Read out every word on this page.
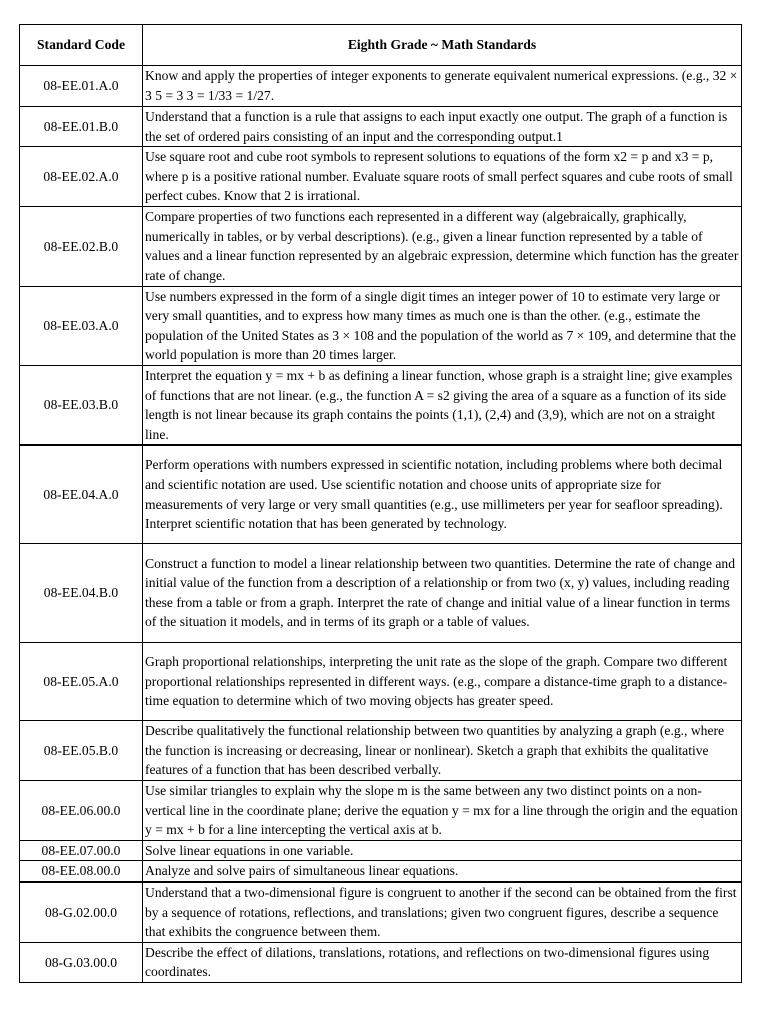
Standard Code	Eighth Grade ~ Math Standards
08-EE.01.A.0	Know and apply the properties of integer exponents to generate equivalent numerical expressions. (e.g., 32 × 3 5 = 3 3 = 1/33 = 1/27.
08-EE.01.B.0	Understand that a function is a rule that assigns to each input exactly one output. The graph of a function is the set of ordered pairs consisting of an input and the corresponding output.1
08-EE.02.A.0	Use square root and cube root symbols to represent solutions to equations of the form x2 = p and x3 = p, where p is a positive rational number. Evaluate square roots of small perfect squares and cube roots of small perfect cubes. Know that 2 is irrational.
08-EE.02.B.0	Compare properties of two functions each represented in a different way (algebraically, graphically, numerically in tables, or by verbal descriptions). (e.g., given a linear function represented by a table of values and a linear function represented by an algebraic expression, determine which function has the greater rate of change.
08-EE.03.A.0	Use numbers expressed in the form of a single digit times an integer power of 10 to estimate very large or very small quantities, and to express how many times as much one is than the other. (e.g., estimate the population of the United States as 3 × 108 and the population of the world as 7 × 109, and determine that the world population is more than 20 times larger.
08-EE.03.B.0	Interpret the equation y = mx + b as defining a linear function, whose graph is a straight line; give examples of functions that are not linear. (e.g., the function A = s2 giving the area of a square as a function of its side length is not linear because its graph contains the points (1,1), (2,4) and (3,9), which are not on a straight line.
08-EE.04.A.0	Perform operations with numbers expressed in scientific notation, including problems where both decimal and scientific notation are used. Use scientific notation and choose units of appropriate size for measurements of very large or very small quantities (e.g., use millimeters per year for seafloor spreading). Interpret scientific notation that has been generated by technology.
08-EE.04.B.0	Construct a function to model a linear relationship between two quantities. Determine the rate of change and initial value of the function from a description of a relationship or from two (x, y) values, including reading these from a table or from a graph. Interpret the rate of change and initial value of a linear function in terms of the situation it models, and in terms of its graph or a table of values.
08-EE.05.A.0	Graph proportional relationships, interpreting the unit rate as the slope of the graph. Compare two different proportional relationships represented in different ways. (e.g., compare a distance-time graph to a distance-time equation to determine which of two moving objects has greater speed.
08-EE.05.B.0	Describe qualitatively the functional relationship between two quantities by analyzing a graph (e.g., where the function is increasing or decreasing, linear or nonlinear). Sketch a graph that exhibits the qualitative features of a function that has been described verbally.
08-EE.06.00.0	Use similar triangles to explain why the slope m is the same between any two distinct points on a non-vertical line in the coordinate plane; derive the equation y = mx for a line through the origin and the equation y = mx + b for a line intercepting the vertical axis at b.
08-EE.07.00.0	Solve linear equations in one variable.
08-EE.08.00.0	Analyze and solve pairs of simultaneous linear equations.
08-G.02.00.0	Understand that a two-dimensional figure is congruent to another if the second can be obtained from the first by a sequence of rotations, reflections, and translations; given two congruent figures, describe a sequence that exhibits the congruence between them.
08-G.03.00.0	Describe the effect of dilations, translations, rotations, and reflections on two-dimensional figures using coordinates.
